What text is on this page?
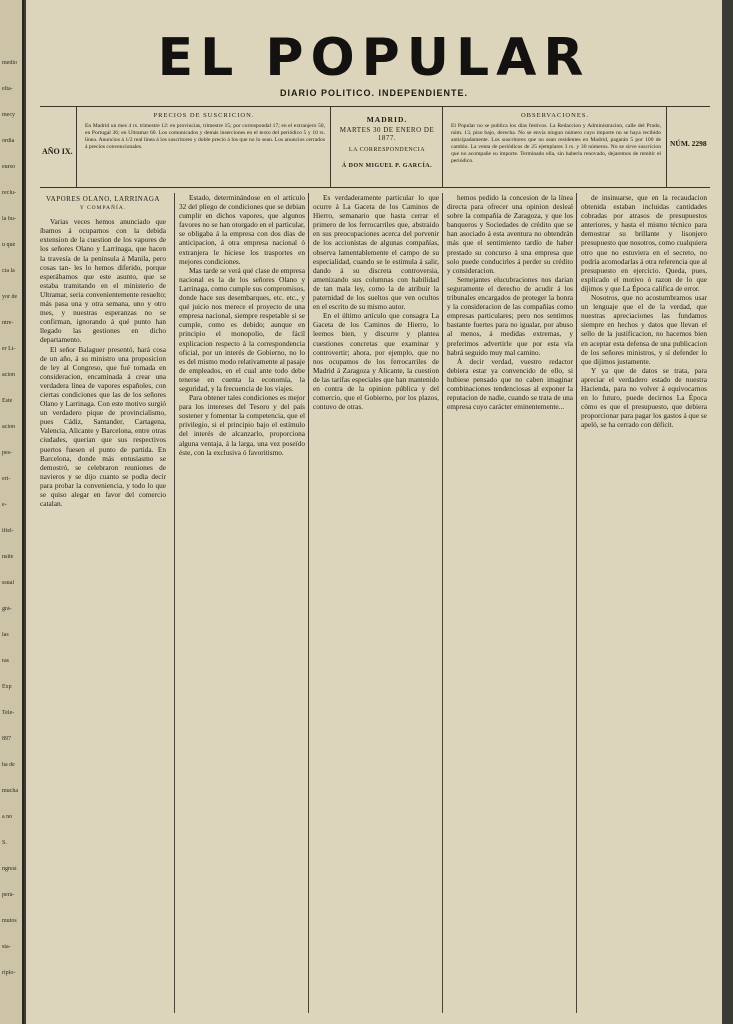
medio
elta-
mecy
ordia
eurso
reclu-
la bu-
u qué
cia la
yor de
ntre-
er Li-
acion
Este
acion
pes-
eri-
e-
ifiel-
nsite
ssual
grá-
las
ras
Exp
Tele-
897
ha de
mucha
a no
S.
ngresí
perá-
mutos
sta-
riplo-
EL POPULAR
DIARIO POLITICO. INDEPENDIENTE.
AÑO IX.
PRECIOS DE SUSCRICION.
En Madrid un mes 4 rs. trimestre 12: en provincias, trimestre 15; por correspondal 17; en el extranjero 50, en Portugal 36; en Ultramar 60. Los comunicados y demás inserciones en el texto del periódico 5 y 10 rs. línea. Anuncios á 1/2 real línea á los suscritores y doble precio á los que no lo sean. Los anuncios cerrados á precios convencionales.
MADRID.
MARTES 30 DE ENERO DE 1877.
LA CORRESPONDENCIA
Á DON MIGUEL P. GARCÍA.
OBSERVACIONES.
El Popular no se publica los días festivos. La Redaccion y Administracion, calle del Prado, núm. 13, piso bajo, derecha. No se envia ningun número cuyo importe no se haya recibido anticipadamente. Los suscritores que no sean residentes en Madrid, pagarán 5 por 100 de cambio. La venta de periódicos de 25 ejemplares 3 rs. y 30 números. No se sirve suscricion que no acompañe su importe. Terminado ella, sin haberla renovado, dejaremos de remitir el periódico.
NÚM. 2298
VAPORES OLANO, LARRINAGA
Y COMPAÑÍA.

Varias veces hemos anunciado que íbamos á ocuparnos con la debida extension de la cuestion de los vapores de los señores Olano y Larrinaga, que hacen la travesía de la península á Manila, pero cosas tan- les lo hemos diferido, porque esperábamos que este asunto, que se estaba tramitando en el ministerio de Ultramar, seria convenientemente resuelto; más pasa una y otra semana, uno y otro mes, y nuestras esperanzas no se confirman, ignorando á qué punto han llegado las gestiones en dicho departamento.

El señor Balaguer presentó, hará cosa de un año, á su ministro una proposicion de ley al Congreso, que fué tomada en consideracion, encaminada á crear una verdadera línea de vapores españoles, con ciertas condiciones que las de los señores Olano y Larrinaga. Con este motivo surgió un verdadero pique de provincialismo, pues Cádiz, Santander, Cartagena, Valencia, Alicante y Barcelona, entre otras ciudades, querian que sus respectivos puertos fuesen el punto de partida. En Barcelona, donde más entusiasmo se demostró, se celebraron reuniones de navieros y se dijo cuanto se podia decir para probar la conveniencia, y todo lo que se quiso alegar en favor del comercio catalan.

Estado, determinándose en el artículo 32 del pliego de condiciones que se debian cumplir en dichos vapores, que algunos favores no se han otorgado en el particular, se obligaba á la empresa con dos días de anticipacion, á otra empresa nacional ó extranjera le hiciese los trasportes en mejores condiciones.

Mas tarde se verá qué clase de empresa nacional es la de los señores Olano y Larrinaga, como cumple sus compromisos, donde hace sus desembarques, etc. etc., y qué juicio nos merece el proyecto de una empresa nacional, siempre respetable si se cumple, como es debido; aunque en principio el monopolio, de fácil explicacion respecto á la correspondencia oficial, por un interés de Gobierno, no lo es del mismo modo relativamente al pasaje de empleados, en el cual ante todo debe tenerse en cuenta la economía, la seguridad, y la frecuencia de los viajes.

Para obtener tales condiciones es mejor para los intereses del Tesoro y del país sostener y fomentar la competencia, que el privilegio, si el principio bajo el estímulo del interés de alcanzarlo, proporciona alguna ventaja, á la larga, una vez poseïdo éste, con la exclusiva ó favoritismo.

Es verdaderamente particular lo que ocurre á La Gaceta de los Caminos de Hierro, semanario que hasta cerrar el primero de los ferrocarriles que, abstraido en sus preocupaciones acerca del porvenir de los accionistas de algunas compañías, observa lamentablemente el campo de su especialidad, cuando se le estimula á salir, dando á su discreta controversia, amenizando sus columnas con habilidad de tan mala ley, como la de atribuir la paternidad de los sueltos que ven ocultos en el escrito de su mismo autor.

En el último artículo que consagra La Gaceta de los Caminos de Hierro, lo leemos bien, y discurre y plantea cuestiones concretas que examinar y controvertir; ahora, por ejemplo, que no nos ocupamos de los ferrocarriles de Madrid á Zaragoza y Alicante, la cuestion de las tarifas especiales que han mantenido en contra de la opinion pública y del comercio, que el Gobierno, por los plazos, contuvo de otras.

hemos pedido la concesion de la línea directa para ofrecer una opinion desleal sobre la compañía de Zaragoza, y que los banqueros y Sociedades de crédito que se han asociado á esta aventura no obtendrán más que el sentimiento tardío de haber prestado su concurso á una empresa que solo puede conducirles á perder su crédito y consideracion.

Semejantes elucubraciones nos darian seguramente el derecho de acudir á los tribunales encargados de proteger la honra y la consideracion de las compañías como empresas particulares; pero nos sentimos bastante fuertes para no igualar, por abuso al menos, á medidas extremas, y preferimos advertirle que por esta vía habrá seguido muy mal camino.

Á decir verdad, vuestro redactor debiera estar ya convencido de ello, si hubiese pensado que no caben imaginar combinaciones tendenciosas al exponer la reputacion de nadie, cuando se trata de una empresa cuyo carácter eminentemente...

de insinuarse, que en la recaudacion obtenida estaban incluidas cantidades cobradas por atrasos de presupuestos anteriores, y hasta el mismo técnico para demostrar su brillante y lisonjero presupuesto que nosotros, como cualquiera otro que no estuviera en el secreto, no podría acomodarlas á otra referencia que al presupuesto en ejercicio. Queda, pues, explicado el motivo ó razon de lo que dijimos y que La Época califica de error.

Nosotros, que no acostumbramos usar un lenguaje que el de la verdad, que nuestras apreciaciones las fundamos siempre en hechos y datos que llevan el sello de la justificacion, no hacemos bien en aceptar esta defensa de una publicacion de los señores ministros, y sí defender lo que dijimos justamente.

Y ya que de datos se trata, para apreciar el verdadero estado de nuestra Hacienda, para no volver á equivocarnos en lo futuro, puede decirnos La Época cómo es que el presupuesto, que debiera proporcionar para pagar los gastos á que se apeló, se ha cerrado con déficit.
